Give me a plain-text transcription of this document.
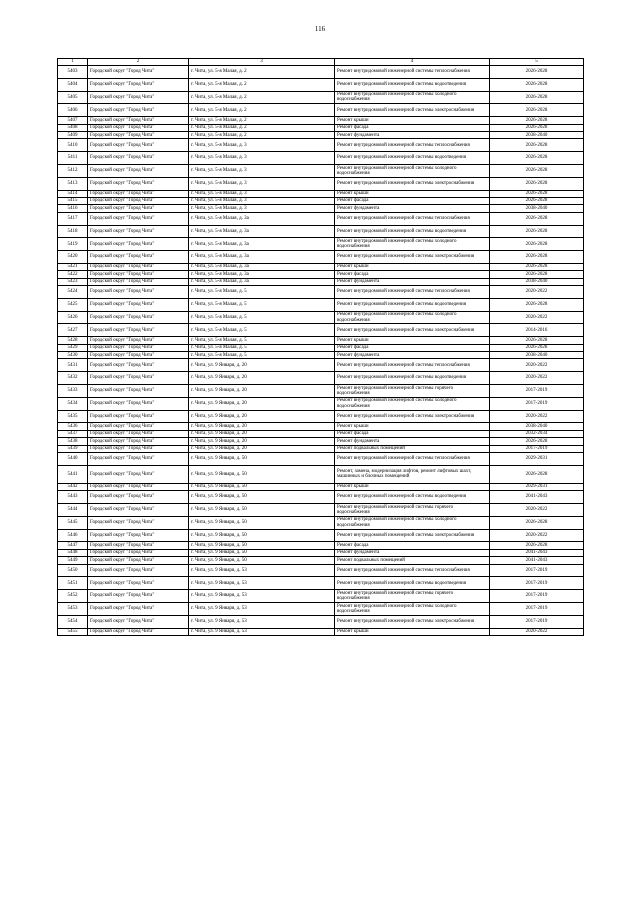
116
1	2	3	4	5
5403	Городской округ "Город Чита"	г. Чита, ул. 5-я Малая, д. 2	Ремонт внутридомовой инженерной системы теплоснабжения	2026-2028
5404	Городской округ "Город Чита"	г. Чита, ул. 5-я Малая, д. 2	Ремонт внутридомовой инженерной системы водоотведения	2026-2028
5405	Городской округ "Город Чита"	г. Чита, ул. 5-я Малая, д. 2	Ремонт внутридомовой инженерной системы холодного водоснабжения	2026-2028
5406	Городской округ "Город Чита"	г. Чита, ул. 5-я Малая, д. 2	Ремонт внутридомовой инженерной системы электроснабжения	2026-2028
5407	Городской округ "Город Чита"	г. Чита, ул. 5-я Малая, д. 2	Ремонт крыши	2026-2028
5408	Городской округ "Город Чита"	г. Чита, ул. 5-я Малая, д. 2	Ремонт фасада	2026-2028
5409	Городской округ "Город Чита"	г. Чита, ул. 5-я Малая, д. 2	Ремонт фундамента	2038-2040
5410	Городской округ "Город Чита"	г. Чита, ул. 5-я Малая, д. 3	Ремонт внутридомовой инженерной системы теплоснабжения	2026-2028
5411	Городской округ "Город Чита"	г. Чита, ул. 5-я Малая, д. 3	Ремонт внутридомовой инженерной системы водоотведения	2026-2028
5412	Городской округ "Город Чита"	г. Чита, ул. 5-я Малая, д. 3	Ремонт внутридомовой инженерной системы холодного водоснабжения	2026-2028
5413	Городской округ "Город Чита"	г. Чита, ул. 5-я Малая, д. 3	Ремонт внутридомовой инженерной системы электроснабжения	2026-2028
5414	Городской округ "Город Чита"	г. Чита, ул. 5-я Малая, д. 3	Ремонт крыши	2026-2028
5415	Городской округ "Город Чита"	г. Чита, ул. 5-я Малая, д. 3	Ремонт фасада	2026-2028
5416	Городской округ "Город Чита"	г. Чита, ул. 5-я Малая, д. 3	Ремонт фундамента	2038-2040
5417	Городской округ "Город Чита"	г. Чита, ул. 5-я Малая, д. 3а	Ремонт внутридомовой инженерной системы теплоснабжения	2026-2028
5418	Городской округ "Город Чита"	г. Чита, ул. 5-я Малая, д. 3а	Ремонт внутридомовой инженерной системы водоотведения	2026-2028
5419	Городской округ "Город Чита"	г. Чита, ул. 5-я Малая, д. 3а	Ремонт внутридомовой инженерной системы холодного водоснабжения	2026-2028
5420	Городской округ "Город Чита"	г. Чита, ул. 5-я Малая, д. 3а	Ремонт внутридомовой инженерной системы электроснабжения	2026-2028
5421	Городской округ "Город Чита"	г. Чита, ул. 5-я Малая, д. 3а	Ремонт крыши	2026-2028
5422	Городской округ "Город Чита"	г. Чита, ул. 5-я Малая, д. 3а	Ремонт фасада	2026-2028
5423	Городской округ "Город Чита"	г. Чита, ул. 5-я Малая, д. 3а	Ремонт фундамента	2038-2040
5424	Городской округ "Город Чита"	г. Чита, ул. 5-я Малая, д. 5	Ремонт внутридомовой инженерной системы теплоснабжения	2020-2022
5425	Городской округ "Город Чита"	г. Чита, ул. 5-я Малая, д. 5	Ремонт внутридомовой инженерной системы водоотведения	2026-2028
5426	Городской округ "Город Чита"	г. Чита, ул. 5-я Малая, д. 5	Ремонт внутридомовой инженерной системы холодного водоснабжения	2020-2022
5427	Городской округ "Город Чита"	г. Чита, ул. 5-я Малая, д. 5	Ремонт внутридомовой инженерной системы электроснабжения	2014-2016
5428	Городской округ "Город Чита"	г. Чита, ул. 5-я Малая, д. 5	Ремонт крыши	2026-2028
5429	Городской округ "Город Чита"	г. Чита, ул. 5-я Малая, д. 5	Ремонт фасада	2026-2028
5430	Городской округ "Город Чита"	г. Чита, ул. 5-я Малая, д. 5	Ремонт фундамента	2038-2040
5431	Городской округ "Город Чита"	г. Чита, ул. 9 Января, д. 20	Ремонт внутридомовой инженерной системы теплоснабжения	2020-2022
5432	Городской округ "Город Чита"	г. Чита, ул. 9 Января, д. 20	Ремонт внутридомовой инженерной системы водоотведения	2020-2022
5433	Городской округ "Город Чита"	г. Чита, ул. 9 Января, д. 20	Ремонт внутридомовой инженерной системы горячего водоснабжения	2017-2019
5434	Городской округ "Город Чита"	г. Чита, ул. 9 Января, д. 20	Ремонт внутридомовой инженерной системы холодного водоснабжения	2017-2019
5435	Городской округ "Город Чита"	г. Чита, ул. 9 Января, д. 20	Ремонт внутридомовой инженерной системы электроснабжения	2020-2022
5436	Городской округ "Город Чита"	г. Чита, ул. 9 Января, д. 20	Ремонт крыши	2038-2040
5437	Городской округ "Город Чита"	г. Чита, ул. 9 Января, д. 20	Ремонт фасада	2032-2034
5438	Городской округ "Город Чита"	г. Чита, ул. 9 Января, д. 20	Ремонт фундамента	2026-2028
5439	Городской округ "Город Чита"	г. Чита, ул. 9 Января, д. 20	Ремонт подвальных помещений	2017-2019
5440	Городской округ "Город Чита"	г. Чита, ул. 9 Января, д. 50	Ремонт внутридомовой инженерной системы теплоснабжения	2029-2031
5441	Городской округ "Город Чита"	г. Чита, ул. 9 Января, д. 50	Ремонт, замена, модернизация лифтов, ремонт лифтовых шахт, машинных и блочных помещений	2026-2028
5442	Городской округ "Город Чита"	г. Чита, ул. 9 Января, д. 50	Ремонт крыши	2029-2031
5443	Городской округ "Город Чита"	г. Чита, ул. 9 Января, д. 50	Ремонт внутридомовой инженерной системы водоотведения	2041-2043
5444	Городской округ "Город Чита"	г. Чита, ул. 9 Января, д. 50	Ремонт внутридомовой инженерной системы горячего водоснабжения	2020-2022
5445	Городской округ "Город Чита"	г. Чита, ул. 9 Января, д. 50	Ремонт внутридомовой инженерной системы холодного водоснабжения	2026-2028
5446	Городской округ "Город Чита"	г. Чита, ул. 9 Января, д. 50	Ремонт внутридомовой инженерной системы электроснабжения	2020-2022
5447	Городской округ "Город Чита"	г. Чита, ул. 9 Января, д. 50	Ремонт фасада	2026-2028
5448	Городской округ "Город Чита"	г. Чита, ул. 9 Января, д. 50	Ремонт фундамента	2041-2043
5449	Городской округ "Город Чита"	г. Чита, ул. 9 Января, д. 50	Ремонт подвальных помещений	2041-2043
5450	Городской округ "Город Чита"	г. Чита, ул. 9 Января, д. 53	Ремонт внутридомовой инженерной системы теплоснабжения	2017-2019
5451	Городской округ "Город Чита"	г. Чита, ул. 9 Января, д. 53	Ремонт внутридомовой инженерной системы водоотведения	2017-2019
5452	Городской округ "Город Чита"	г. Чита, ул. 9 Января, д. 53	Ремонт внутридомовой инженерной системы горячего водоснабжения	2017-2019
5453	Городской округ "Город Чита"	г. Чита, ул. 9 Января, д. 53	Ремонт внутридомовой инженерной системы холодного водоснабжения	2017-2019
5454	Городской округ "Город Чита"	г. Чита, ул. 9 Января, д. 53	Ремонт внутридомовой инженерной системы электроснабжения	2017-2019
5455	Городской округ "Город Чита"	г. Чита, ул. 9 Января, д. 53	Ремонт крыши	2020-2022
